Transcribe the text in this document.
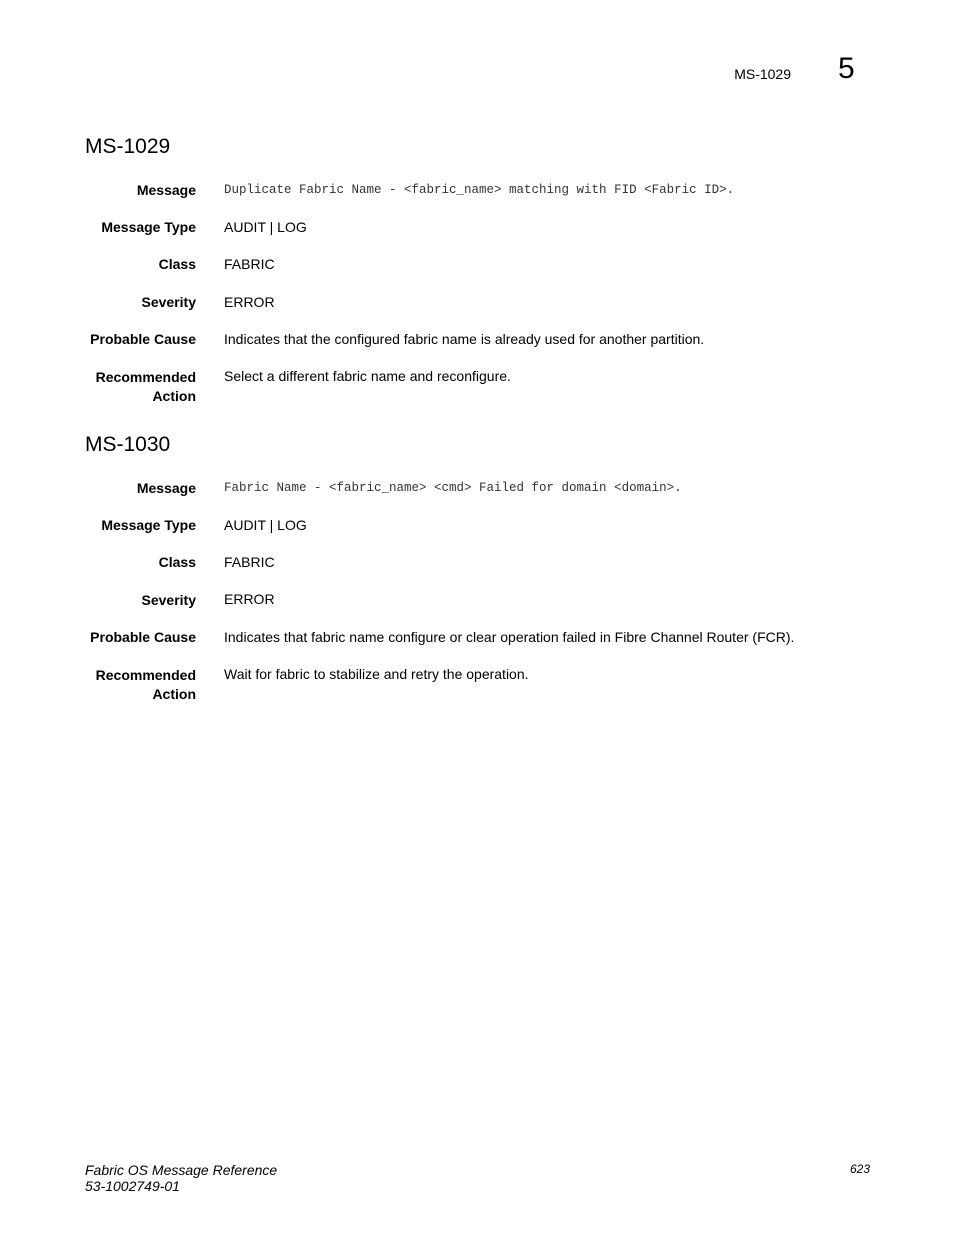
MS-1029 5
MS-1029
Message Duplicate Fabric Name - <fabric_name> matching with FID <Fabric ID>.
Message Type AUDIT | LOG
Class FABRIC
Severity ERROR
Probable Cause Indicates that the configured fabric name is already used for another partition.
Recommended
Action
Select a different fabric name and reconfigure.
MS-1030
Message Fabric Name - <fabric_name> <cmd> Failed for domain <domain>.
Message Type AUDIT | LOG
Class FABRIC
Severity ERROR
Probable Cause Indicates that fabric name configure or clear operation failed in Fibre Channel Router (FCR).
Recommended
Action
Wait for fabric to stabilize and retry the operation.
Fabric OS Message Reference
53-1002749-01
623
